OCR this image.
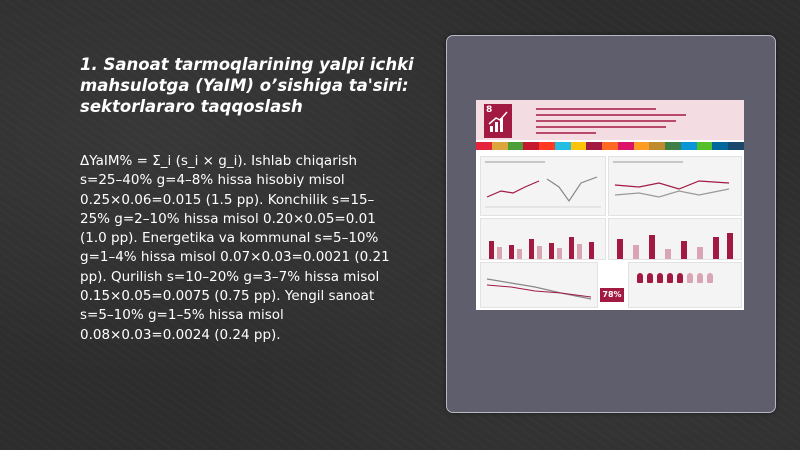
1. Sanoat tarmoqlarining yalpi ichki mahsulotga (YaIM) o’sishiga ta'siri: sektorlararo taqqoslash

ΔYaIM% = Σ_i (s_i × g_i). Ishlab chiqarish s=25–40% g=4–8% hissa hisobiy misol 0.25×0.06=0.015 (1.5 pp). Konchilik s=15–25% g=2–10% hissa misol 0.20×0.05=0.01 (1.0 pp). Energetika va kommunal s=5–10% g=1–4% hissa misol 0.07×0.03=0.0021 (0.21 pp). Qurilish s=10–20% g=3–7% hissa misol 0.15×0.05=0.0075 (0.75 pp). Yengil sanoat s=5–10% g=1–5% hissa misol 0.08×0.03=0.0024 (0.24 pp).

8
78%
